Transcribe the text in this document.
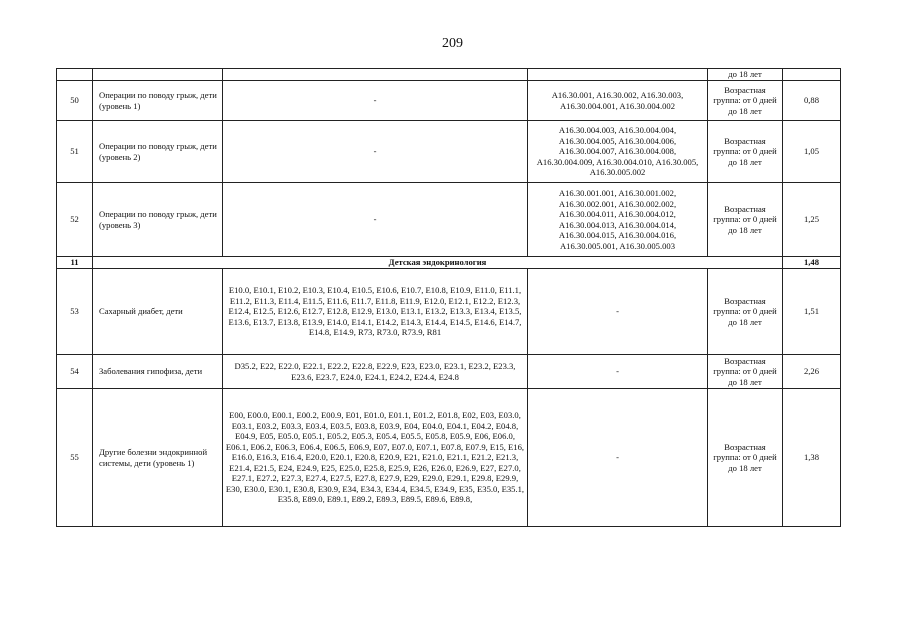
209
				до 18 лет	
50	Операции по поводу грыж, дети (уровень 1)	-	A16.30.001, A16.30.002, A16.30.003, A16.30.004.001, A16.30.004.002	Возрастная группа: от 0 дней до 18 лет	0,88
51	Операции по поводу грыж, дети (уровень 2)	-	A16.30.004.003, A16.30.004.004, A16.30.004.005, A16.30.004.006, A16.30.004.007, A16.30.004.008, A16.30.004.009, A16.30.004.010, A16.30.005, A16.30.005.002	Возрастная группа: от 0 дней до 18 лет	1,05
52	Операции по поводу грыж, дети (уровень 3)	-	A16.30.001.001, A16.30.001.002, A16.30.002.001, A16.30.002.002, A16.30.004.011, A16.30.004.012, A16.30.004.013, A16.30.004.014, A16.30.004.015, A16.30.004.016, A16.30.005.001, A16.30.005.003	Возрастная группа: от 0 дней до 18 лет	1,25
11	Детская эндокринология				1,48
53	Сахарный диабет, дети	E10.0, E10.1, E10.2, E10.3, E10.4, E10.5, E10.6, E10.7, E10.8, E10.9, E11.0, E11.1, E11.2, E11.3, E11.4, E11.5, E11.6, E11.7, E11.8, E11.9, E12.0, E12.1, E12.2, E12.3, E12.4, E12.5, E12.6, E12.7, E12.8, E12.9, E13.0, E13.1, E13.2, E13.3, E13.4, E13.5, E13.6, E13.7, E13.8, E13.9, E14.0, E14.1, E14.2, E14.3, E14.4, E14.5, E14.6, E14.7, E14.8, E14.9, R73, R73.0, R73.9, R81	-	Возрастная группа: от 0 дней до 18 лет	1,51
54	Заболевания гипофиза, дети	D35.2, E22, E22.0, E22.1, E22.2, E22.8, E22.9, E23, E23.0, E23.1, E23.2, E23.3, E23.6, E23.7, E24.0, E24.1, E24.2, E24.4, E24.8	-	Возрастная группа: от 0 дней до 18 лет	2,26
55	Другие болезни эндокринной системы, дети (уровень 1)	E00, E00.0, E00.1, E00.2, E00.9, E01, E01.0, E01.1, E01.2, E01.8, E02, E03, E03.0, E03.1, E03.2, E03.3, E03.4, E03.5, E03.8, E03.9, E04, E04.0, E04.1, E04.2, E04.8, E04.9, E05, E05.0, E05.1, E05.2, E05.3, E05.4, E05.5, E05.8, E05.9, E06, E06.0, E06.1, E06.2, E06.3, E06.4, E06.5, E06.9, E07, E07.0, E07.1, E07.8, E07.9, E15, E16, E16.0, E16.3, E16.4, E20.0, E20.1, E20.8, E20.9, E21, E21.0, E21.1, E21.2, E21.3, E21.4, E21.5, E24, E24.9, E25, E25.0, E25.8, E25.9, E26, E26.0, E26.9, E27, E27.0, E27.1, E27.2, E27.3, E27.4, E27.5, E27.8, E27.9, E29, E29.0, E29.1, E29.8, E29.9, E30, E30.0, E30.1, E30.8, E30.9, E34, E34.3, E34.4, E34.5, E34.9, E35, E35.0, E35.1, E35.8, E89.0, E89.1, E89.2, E89.3, E89.5, E89.6, E89.8,	-	Возрастная группа: от 0 дней до 18 лет	1,38
